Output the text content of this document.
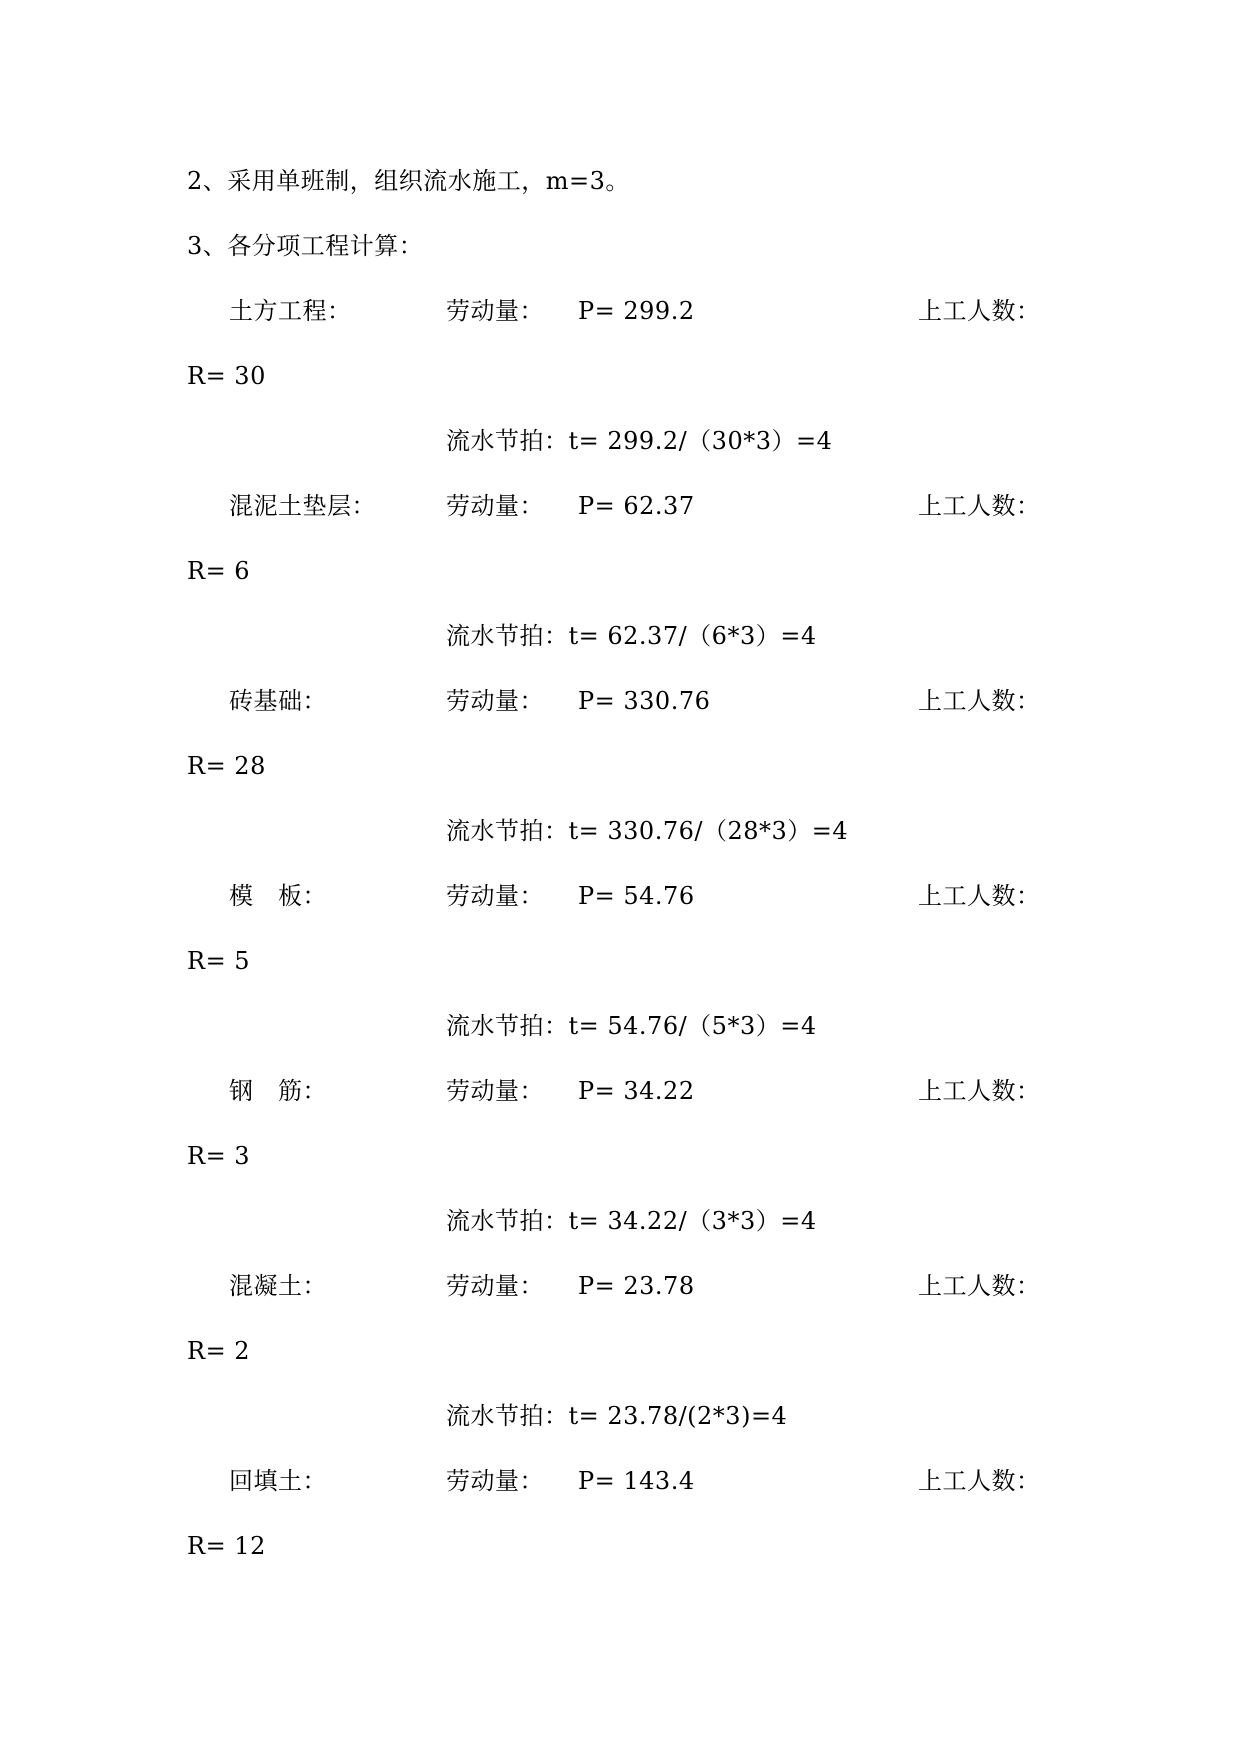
2、采用单班制，组织流水施工，m=3。
3、各分项工程计算：
土方工程：	劳动量： P= 299.2	上工人数：
R= 30
流水节拍：t= 299.2/（30*3）=4
混泥土垫层：	劳动量： P= 62.37	上工人数：
R= 6
流水节拍：t= 62.37/（6*3）=4
砖基础：	劳动量： P= 330.76	上工人数：
R= 28
流水节拍：t= 330.76/（28*3）=4
模　板：	劳动量： P= 54.76	上工人数：
R= 5
流水节拍：t= 54.76/（5*3）=4
钢　筋：	劳动量： P= 34.22	上工人数：
R= 3
流水节拍：t= 34.22/（3*3）=4
混凝土：	劳动量： P= 23.78	上工人数：
R= 2
流水节拍：t= 23.78/(2*3)=4
回填土：	劳动量： P= 143.4	上工人数：
R= 12
